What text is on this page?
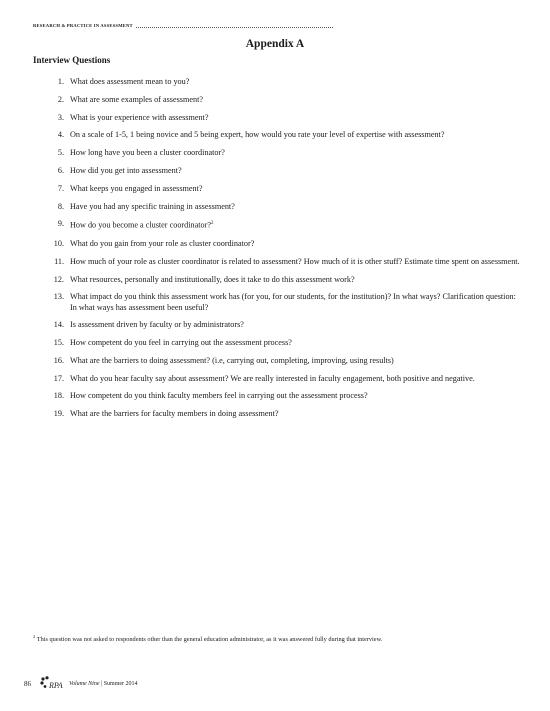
RESEARCH & PRACTICE IN ASSESSMENT
Appendix A
Interview Questions
1. What does assessment mean to you?
2. What are some examples of assessment?
3. What is your experience with assessment?
4. On a scale of 1-5, 1 being novice and 5 being expert, how would you rate your level of expertise with assessment?
5. How long have you been a cluster coordinator?
6. How did you get into assessment?
7. What keeps you engaged in assessment?
8. Have you had any specific training in assessment?
9. How do you become a cluster coordinator?$^2$
10. What do you gain from your role as cluster coordinator?
11. How much of your role as cluster coordinator is related to assessment? How much of it is other stuff? Estimate time spent on assessment.
12. What resources, personally and institutionally, does it take to do this assessment work?
13. What impact do you think this assessment work has (for you, for our students, for the institution)? In what ways? Clarification question: In what ways has assessment been useful?
14. Is assessment driven by faculty or by administrators?
15. How competent do you feel in carrying out the assessment process?
16. What are the barriers to doing assessment? (i.e, carrying out, completing, improving, using results)
17. What do you hear faculty say about assessment? We are really interested in faculty engagement, both positive and negative.
18. How competent do you think faculty members feel in carrying out the assessment process?
19. What are the barriers for faculty members in doing assessment?
$^2$ This question was not asked to respondents other than the general education administrator, as it was answered fully during that interview.
86 RPA Volume Nine | Summer 2014
